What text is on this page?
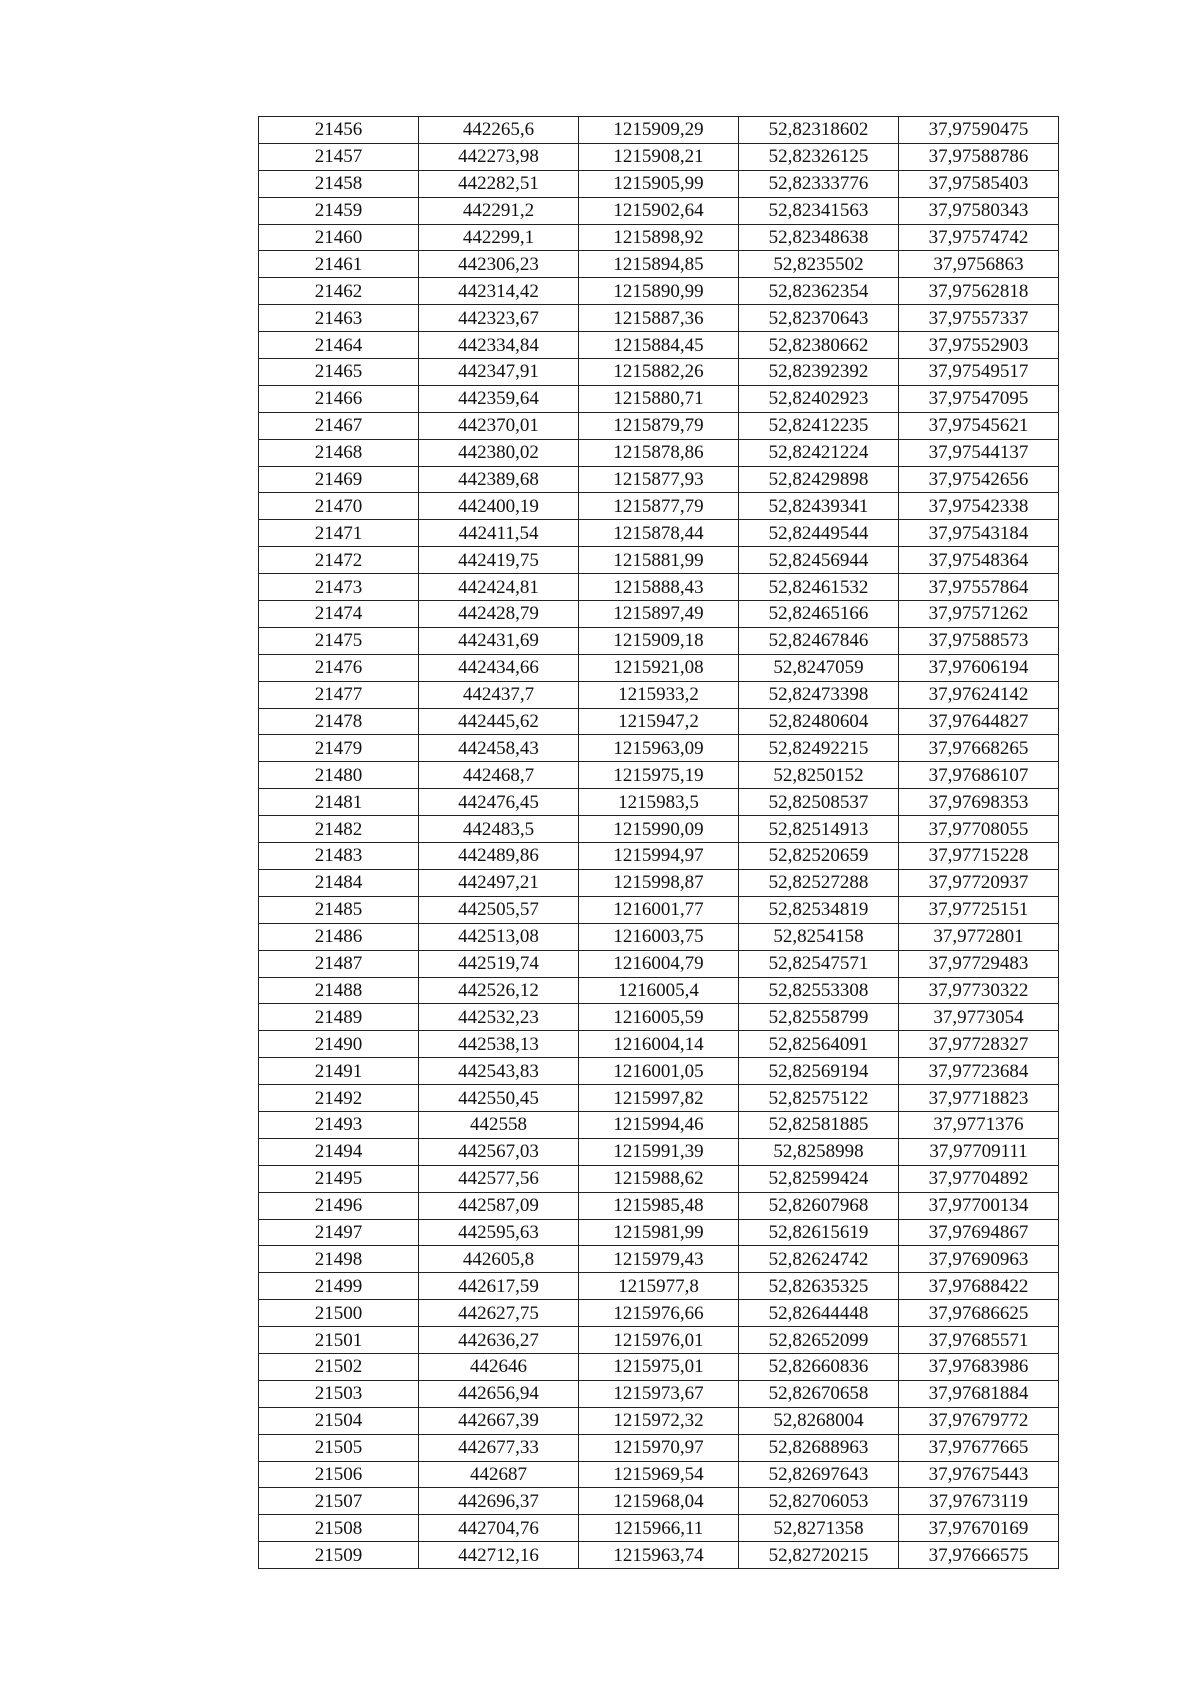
21456	442265,6	1215909,29	52,82318602	37,97590475
21457	442273,98	1215908,21	52,82326125	37,97588786
21458	442282,51	1215905,99	52,82333776	37,97585403
21459	442291,2	1215902,64	52,82341563	37,97580343
21460	442299,1	1215898,92	52,82348638	37,97574742
21461	442306,23	1215894,85	52,8235502	37,9756863
21462	442314,42	1215890,99	52,82362354	37,97562818
21463	442323,67	1215887,36	52,82370643	37,97557337
21464	442334,84	1215884,45	52,82380662	37,97552903
21465	442347,91	1215882,26	52,82392392	37,97549517
21466	442359,64	1215880,71	52,82402923	37,97547095
21467	442370,01	1215879,79	52,82412235	37,97545621
21468	442380,02	1215878,86	52,82421224	37,97544137
21469	442389,68	1215877,93	52,82429898	37,97542656
21470	442400,19	1215877,79	52,82439341	37,97542338
21471	442411,54	1215878,44	52,82449544	37,97543184
21472	442419,75	1215881,99	52,82456944	37,97548364
21473	442424,81	1215888,43	52,82461532	37,97557864
21474	442428,79	1215897,49	52,82465166	37,97571262
21475	442431,69	1215909,18	52,82467846	37,97588573
21476	442434,66	1215921,08	52,8247059	37,97606194
21477	442437,7	1215933,2	52,82473398	37,97624142
21478	442445,62	1215947,2	52,82480604	37,97644827
21479	442458,43	1215963,09	52,82492215	37,97668265
21480	442468,7	1215975,19	52,8250152	37,97686107
21481	442476,45	1215983,5	52,82508537	37,97698353
21482	442483,5	1215990,09	52,82514913	37,97708055
21483	442489,86	1215994,97	52,82520659	37,97715228
21484	442497,21	1215998,87	52,82527288	37,97720937
21485	442505,57	1216001,77	52,82534819	37,97725151
21486	442513,08	1216003,75	52,8254158	37,9772801
21487	442519,74	1216004,79	52,82547571	37,97729483
21488	442526,12	1216005,4	52,82553308	37,97730322
21489	442532,23	1216005,59	52,82558799	37,9773054
21490	442538,13	1216004,14	52,82564091	37,97728327
21491	442543,83	1216001,05	52,82569194	37,97723684
21492	442550,45	1215997,82	52,82575122	37,97718823
21493	442558	1215994,46	52,82581885	37,9771376
21494	442567,03	1215991,39	52,8258998	37,97709111
21495	442577,56	1215988,62	52,82599424	37,97704892
21496	442587,09	1215985,48	52,82607968	37,97700134
21497	442595,63	1215981,99	52,82615619	37,97694867
21498	442605,8	1215979,43	52,82624742	37,97690963
21499	442617,59	1215977,8	52,82635325	37,97688422
21500	442627,75	1215976,66	52,82644448	37,97686625
21501	442636,27	1215976,01	52,82652099	37,97685571
21502	442646	1215975,01	52,82660836	37,97683986
21503	442656,94	1215973,67	52,82670658	37,97681884
21504	442667,39	1215972,32	52,8268004	37,97679772
21505	442677,33	1215970,97	52,82688963	37,97677665
21506	442687	1215969,54	52,82697643	37,97675443
21507	442696,37	1215968,04	52,82706053	37,97673119
21508	442704,76	1215966,11	52,8271358	37,97670169
21509	442712,16	1215963,74	52,82720215	37,97666575
